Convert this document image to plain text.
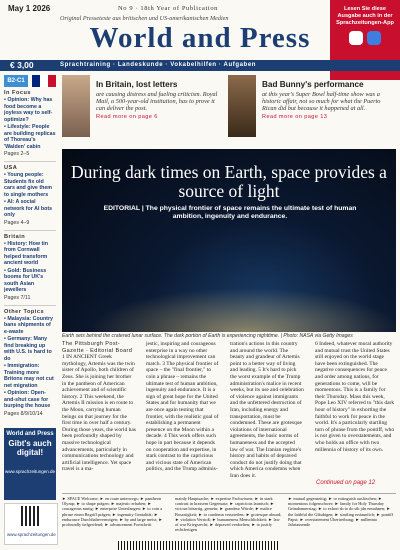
May 1 2026	No 9 · 18th Year of Publication
Original Pressetexte aus britischen und US-amerikanischen Medien
World and Press
Lesen Sie diese Ausgabe auch in der Sprachzeitungen-App
€ 3,00	Sprachtraining · Landeskunde · Vokabelhilfen · Aufgaben
B2-C1
In Focus
• Opinion: Why has food become a joyless way to self-optimize?
• Lifestyle: People are building replicas of Thoreau's 'Walden' cabin
Pages 2–5
USA
• Young people: Students fix old cars and give them to single mothers
• AI: A social network for AI bots only
Pages 4–9
Britain
• History: How tin from Cornwall helped transform ancient world
• Gold: Business booms for UK's south Asian jewellers
Pages 7/11
Other Topics
• Malaysia: Country bans shipments of e-waste
• Germany: Many find breaking up with U.S. is hard to do
• Immigration: Training more Britons may not cut net migration
• Opinion: Open-and-shut case for burping the house
Pages 8/9/10/14
World and Press
Gibt's auch digital!
www.sprachzeitungen.de
www.sprachzeitungen.de
In Britain, lost letters

are causing distress and fueling criticism. Royal Mail, a 500-year-old institution, has to prove it can deliver the post.

Read more on page 6
Bad Bunny's performance

at this year's Super Bowl half-time show was a historic affair, not so much for what the Puerto Rican did but because it happened at all.

Read more on page 13
During dark times on Earth, space provides a source of light
EDITORIAL | The physical frontier of space remains the ultimate test of human ambition, ingenuity and endurance.
Earth sets behind the cratered lunar surface. The dark portion of Earth is experiencing nighttime. | Photo: NASA via Getty Images
The Pittsburgh Post-Gazette · Editorial Board
1 IN ANCIENT Greek mythology, Artemis was the twin sister of Apollo, both children of Zeus. She is joining her brother in the pantheon of American achievement and of scientific history. 2 This weekend, the Artemis II mission is en route to the Moon, carrying human beings on that journey for the first time in over half a century. During those years, the world has been profoundly shaped by massive technological advancements, particularly in communications technology and artificial intelligence. Yet space travel is a ma-
jestic, inspiring and courageous enterprise in a way no other technological improvement can match. 3 The physical frontier of space – the "final frontier," to coin a phrase – remains the ultimate test of human ambition, ingenuity and endurance. It is a sign of great hope for the United States and for humanity that we are once again testing that frontier, with the realistic goal of establishing a permanent presence on the Moon within a decade. 4 This work offers such hope in part because it depends on cooperation and expertise, in stark contrast to the capricious and vicious state of American politics, and the Trump adminis-
tration's actions in this country and around the world. The beauty and grandeur of Artemis point to a better way of living and leading. 5 It's hard to pick the worst example of the Trump administration's malice in recent weeks, but its use and celebration of violence against immigrants and the unfettered destruction of Iran, including energy and transportation, must be condemned. These are grotesque violations of international agreements, the basic norms of humaneness and the accepted law of war. The Iranian regime's history and habits of depraved conduct do not justify doing that which America condemns when Iran does it.
6 Indeed, whatever moral authority and mutual trust the United States still enjoyed on the world stage have been extinguished. The negative consequences for peace and order among nations, for generations to come, will be momentous. This is a family for their Thursday. Mass this week, Pope Leo XIV referred to "this dark hour of history" in exhorting the faithful to work for peace in the world. It's a particularly startling turn of phrase from the pontiff, who is not given to overstatements, and who holds an office with two millennia of history of its own.
Continued on page 12
► SPACE Welcome; ► en route unterwegs; ► pantheon Olymp; ► to shape prägen; ► majestic erhaben; ► courageous mutig; ► enterprise Unterfangen; ► to coin a phrase einen Begriff prägen; ► ingenuity Genialität; ► endurance Durchhaltevermögen; ► by and large meist; ► profoundly tiefgreifend; ► advancement Fortschritt
mainly Hauptsache; ► expertise Fachwissen; ► in stark contrast in krassem Gegensatz; ► capricious launisch; ► vicious bösartig, gemein; ► grandeur Würde; ► malice Bosartigkeit; ► to condemn verurteilen; ► grotesque absurd; ► violation Verstoß; ► humaneness Menschlichkeit; ► law of war Kriegsrecht; ► depraved verdorben; ► to justify rechtfertigen
► mutual gegenseitig; ► to extinguish auslöschen; ► momentous folgenschwer; ► family for Holy Thursday Gründonnerstag; ► to exhort sb to do sth jdn ermahnen; ► the faithful die Gläubigen; ► startling erstaunlich; ► pontiff Papst; ► overstatement Übertreibung; ► millennia Jahrtausende
